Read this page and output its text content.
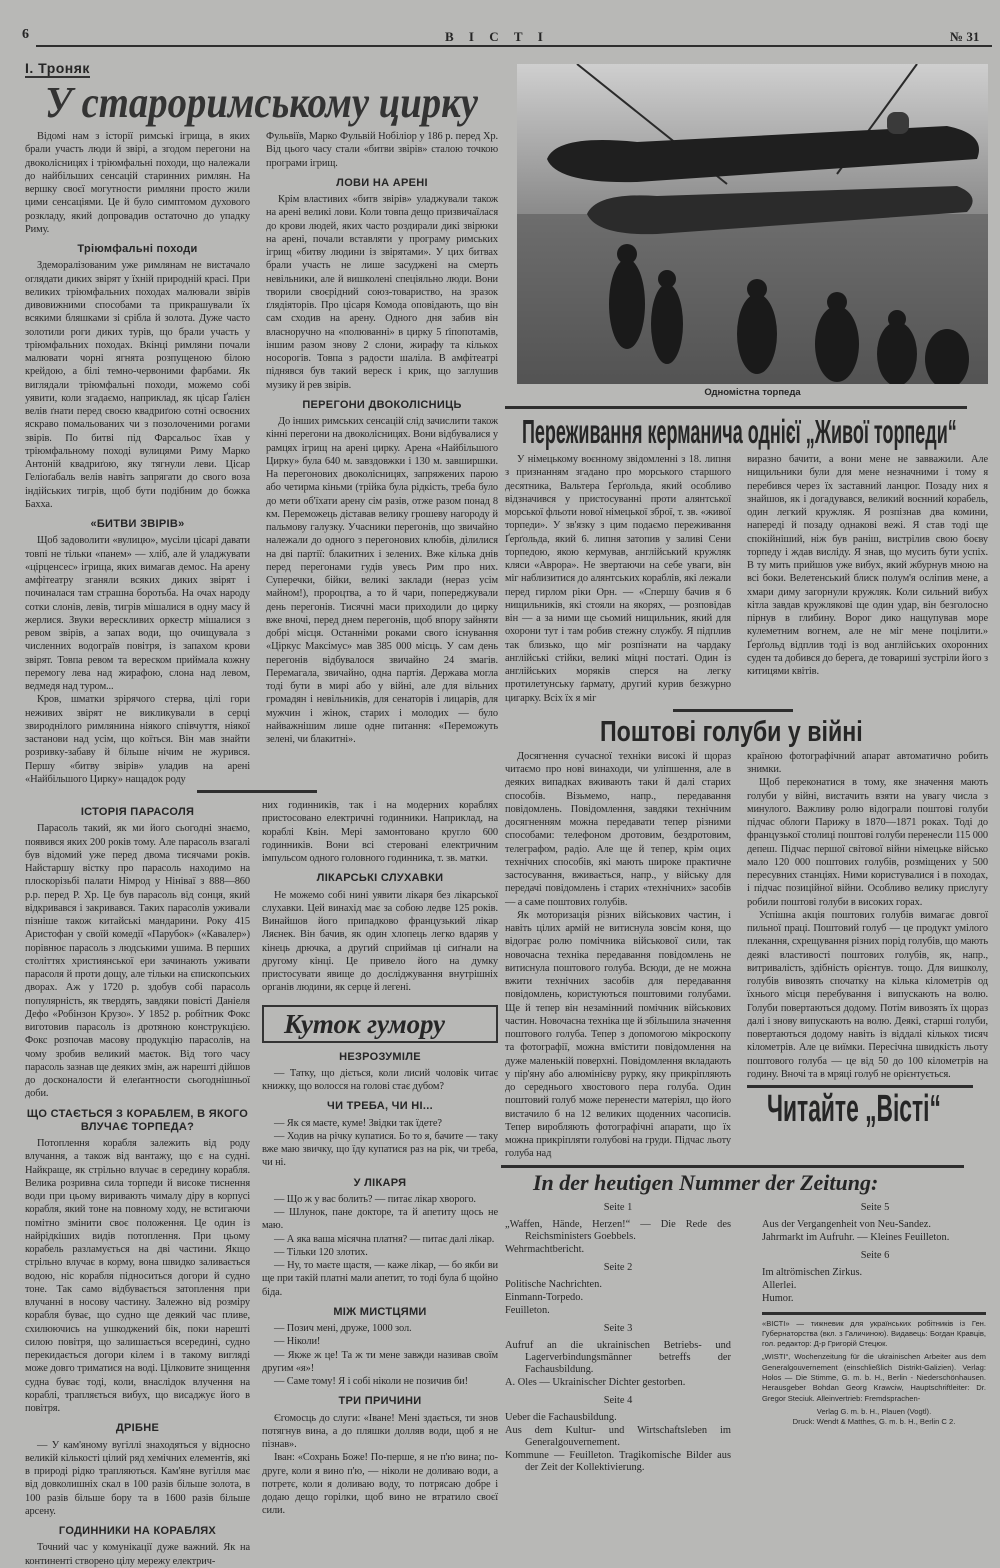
6	В І С Т І	№ 31
І. Троняк
У староримському цирку

Відомі нам з історії римські ігрища, в яких брали участь люди й звірі, а згодом перегони на двоколісницях і тріюмфальні походи, що належали до найбільших сенсацій старинних римлян. На вершку своєї могутности римляни просто жили цими сенсаціями. Це й було симптомом духового розкладу, який допровадив остаточно до упадку Риму.

Тріюмфальні походи

Здеморалізованим уже римлянам не вистачало оглядати диких звірят у їхній природній красі. При великих тріюмфальних походах малювали звірів дивовижними способами та прикрашували їх всякими бляшками зі срібла й золота. Дуже часто золотили роги диких турів, що брали участь у тріюмфальних походах. Вкінці римляни почали малювати чорні ягнята розпущеною білою крейдою, а білі темно-червоними фарбами. Як виглядали тріюмфальні походи, можемо собі уявити, коли згадаємо, наприклад, як цісар Ґалієн велів ґнати перед своєю квадриґою сотні освоєних яскраво помальованих чи з позолоченими рогами звірів. По битві під Фарсальос їхав у тріюмфальному поході вулицями Риму Марко Антоній квадриґою, яку тягнули леви. Цісар Геліоґабаль велів навіть запрягати до свого воза індійських тигрів, щоб бути подібним до божка Бахха.

«БИТВИ ЗВІРІВ»

Щоб задоволити «вулицю», мусіли цісарі давати товпі не тільки «панем» — хліб, але й уладжувати «цірценсес» ігрища, яких вимагав демос. На арену амфітеатру зганяли всяких диких звірят і починалася там страшна боротьба. На очах народу сотки слонів, левів, тигрів мішалися в одну масу й жерлися. Звуки верескливих оркестр мішалися з ревом звірів, а запах води, що очищувала з численних водограїв повітря, із запахом крови звірят. Товпа ревом та вереском приймала кожну перемогу лева над жирафою, слона над левом, ведмедя над туром...

Кров, шматки зрірячого стерва, цілі гори неживих звірят не викликували в серці звироднілого римлянина ніякого співчуття, ніякої застанови над усім, що коїться. Він мав знайти розривку-забаву й більше нічим не журився. Першу «битву звірів» уладив на арені «Найбільшого Цирку» нащадок роду

Фульвіїв, Марко Фульвій Нобіліор у 186 р. перед Хр. Від цього часу стали «битви звірів» сталою точкою програми ігрищ.

ЛОВИ НА АРЕНІ

Крім властивих «битв звірів» уладжували також на арені великі лови. Коли товпа дещо призвичаїлася до крови людей, яких часто роздирали дикі звірюки на арені, почали вставляти у програму римських ігрищ «битву людини із звірятами». У цих битвах брали участь не лише засуджені на смерть невільники, але й вишколені спеціяльно люди. Вони творили своєрідний союз-товариство, на зразок ґлядіяторів. Про цісаря Комода оповідають, що він сам сходив на арену. Одного дня забив він власноручно на «полюванні» в цирку 5 ґіпопотамів, іншим разом знову 2 слони, жирафу та кількох носорогів. Товпа з радости шаліла. В амфітеатрі піднявся був такий вереск і крик, що заглушив музику й рев звірів.

ПЕРЕГОНИ ДВОКОЛІСНИЦЬ

До інших римських сенсацій слід зачислити також кінні перегони на двоколісницях. Вони відбувалися у рамцях ігрищ на арені цирку. Арена «Найбільшого Цирку» була 640 м. завздовжки і 130 м. завширшки. На перегонових двоколісницях, запряжених парою або четирма кіньми (трійка була рідкість, треба було до мети об'їхати арену сім разів, отже разом понад 8 км. Переможець діставав велику грошеву нагороду й пальмову галузку. Учасники перегонів, що звичайно належали до одного з перегонових клюбів, ділилися на дві партії: блакитних і зелених. Вже кілька днів перед перегонами гудів увесь Рим про них. Суперечки, бійки, великі заклади (нераз усім майном!), пророцтва, а то й чари, попереджували день перегонів. Тисячні маси приходили до цирку вже вночі, перед днем перегонів, щоб впору зайняти добрі місця. Останніми роками свого існування «Ціркус Максімус» мав 385 000 місць. У сам день перегонів відбувалося звичайно 24 змагів. Перемагала, звичайно, одна партія. Держава могла тоді бути в мирі або у війні, але для вільних громадян і невільників, для сенаторів і лицарів, для мужчин і жінок, старих і молодих — було найважнішим лише одне питання: «Переможуть зелені, чи блакитні».

ІСТОРІЯ ПАРАСОЛЯ

Парасоль такий, як ми його сьогодні знаємо, появився яких 200 років тому. Але парасоль взагалі був відомий уже перед двома тисячами років. Найстаршу вістку про парасоль находимо на плоскорізьбі палати Німрод у Нініваї з 888—860 р.р. перед Р. Хр. Це був парасоль від сонця, який відкривався і закривався. Таких парасолів уживали пізніше також китайські мандарини. Року 415 Аристофан у своїй комедії «Парубок» («Кавалер») порівнює парасоль з людськими ушима. В перших століттях християнської ери зачинають уживати парасоля й проти дощу, але тільки на єпископських дворах. Аж у 1720 р. здобув собі парасоль популярність, як твердять, завдяки повісті Даніеля Дефо «Робінзон Крузо». У 1852 р. робітник Фокс виготовив парасоль із дротяною конструкцією. Фокс розпочав масову продукцію парасолів, на чому зробив великий маєток. Від того часу парасоль зазнав ще деяких змін, аж нарешті дійшов до досконалости й елеґантности сьогоднішньої доби.

ЩО СТАЄТЬСЯ З КОРАБЛЕМ, В ЯКОГО ВЛУЧАЄ ТОРПЕДА?

Потоплення корабля залежить від роду влучання, а також від вантажу, що є на судні. Найкраще, як стрільно влучає в середину корабля. Велика розривна сила торпеди й високе тиснення води при цьому виривають чималу діру в корпусі корабля, який тоне на повному ходу, не встигаючи помітно змінити своє положення. Це один із найрідкіших видів потоплення. При цьому корабель разламується на дві частини. Якщо стрільно влучає в корму, вона швидко заливається водою, ніс корабля підноситься догори й судно тоне. Так само відбувається затоплення при влучанні в носову частину. Залежно від розміру корабля буває, що судно ще деякий час пливе, схилюючись на ушкоджений бік, поки нарешті силою повітря, що залишається всередині, судно перекидається догори кілем і в такому вигляді може довго триматися на воді. Цілковите знищення судна буває тоді, коли, внаслідок влучення на кораблі, трапляється вибух, що висаджує його в повітря.

ДРІБНЕ

— У кам'яному вугіллі знаходяться у відносно великій кількості цілий ряд хемічних елементів, які в природі рідко трапляються. Кам'яне вугілля має від довколишніх скал в 100 разів більше золота, в 100 разів більше бору та в 1600 разів більше арсену.

ГОДИННИКИ НА КОРАБЛЯХ

Точний час у комунікації дуже важний. Як на континенті створено цілу мережу електрич-

них годинників, так і на модерних кораблях пристосовано електричні годинники. Наприклад, на кораблі Квін. Мері замонтовано кругло 600 годинників. Вони всі стеровані електричним імпульсом одного головного годинника, т. зв. матки.

ЛІКАРСЬКІ СЛУХАВКИ

Не можемо собі нині уявити лікаря без лікарської слухавки. Цей винахід має за собою ледве 125 років. Винайшов його припадково французький лікар Ляєнек. Він бачив, як один хлопець легко вдаряв у кінець дрючка, а другий сприймав ці сиґнали на другому кінці. Це привело його на думку пристосувати явище до досліджування внутрішніх органів людини, як серце й легені.

Куток гумору
НЕЗРОЗУМІЛЕ

— Татку, що діється, коли лисий чоловік читає книжку, що волосся на голові стає дубом?

ЧИ ТРЕБА, ЧИ НІ...

— Як ся маєте, куме! Звідки так їдете?

— Ходив на річку купатися. Бо то я, бачите — таку вже маю звичку, що їду купатися раз на рік, чи треба, чи ні.

У ЛІКАРЯ

— Що ж у вас болить? — питає лікар хворого.

— Шлунок, пане докторе, та й апетиту щось не маю.

— А яка ваша місячна платня? — питає далі лікар.

— Тільки 120 злотих.

— Ну, то маєте щастя, — каже лікар, — бо якби ви ще при такій платні мали апетит, то тоді була б щойно біда.

МІЖ МИСТЦЯМИ

— Позич мені, друже, 1000 зол.

— Ніколи!

— Якже ж це! Та ж ти мене завжди називав своїм другим «я»!

— Саме тому! Я і собі ніколи не позичив би!

ТРИ ПРИЧИНИ

Єгомосць до слуги: «Іване! Мені здається, ти знов потягнув вина, а до пляшки долляв води, щоб я не пізнав».

Іван: «Сохрань Боже! По-перше, я не п'ю вина; по-друге, коли я вино п'ю, — ніколи не доливаю води, а потретє, коли я доливаю воду, то потрясаю добре і додаю дещо горілки, щоб вино не втратило своєї сили.

Одномістна торпеда
Переживання керманича однієї „Живої торпеди“

У німецькому воєнному звідомленні з 18. липня з признанням згадано про морського старшого десятника, Вальтера Ґерґольда, який особливо відзначився у пристосуванні проти алянтської морської фльоти нової німецької зброї, т. зв. «живої торпеди». У зв'язку з цим подаємо переживання Ґерґольда, який 6. липня затопив у заливі Сени торпедою, якою кермував, англійський кружляк кляси «Аврора». Не звертаючи на себе уваги, він міг наблизитися до алянтських кораблів, які лежали перед гирлом ріки Орн. — «Спершу бачив я 6 нищильників, які стояли на якорях, — розповідав він — а за ними ще сьомий нищильник, який для охорони тут і там робив стежну службу. Я підплив так близько, що міг розпізнати на чардаку англійські стійки, великі міцні постаті. Один із англійських моряків сперся на легку протилетунську ґармату, другий курив безжурно цигарку. Всіх їх я міг

виразно бачити, а вони мене не завважили. Але нищильники були для мене незначними і тому я перебився через їх заставний ланцюг. Позаду них я знайшов, як і догадувався, великий воєнний корабель, один легкий кружляк. Я розпізнав два комини, напереді й позаду однакові вежі. Я став тоді ще спокійніший, ніж був раніш, вистрілив свою боєву торпеду і ждав висліду. Я знав, що мусить бути успіх. В ту мить прийшов уже вибух, який жбурнув мною на всі боки. Велетенський блиск полум'я осліпив мене, а хмари диму загорнули кружляк. Коли сильний вибух кітла завдав кружлякові ще один удар, він безголосно пірнув в глибину. Ворог дико нащупував море кулеметним вогнем, але не міг мене поцілити.» Ґерґольд відплив тоді із вод англійських охоронних суден та добився до берега, де товариші зустріли його з китицями квітів.

Поштові голуби у війні

Досягнення сучасної техніки високі й щораз читаємо про нові винаходи, чи уліпшення, але в деяких випадках вживають таки й далі старих способів. Візьмемо, напр., передавання повідомлень. Повідомлення, завдяки технічним досягненням можна передавати тепер різними способами: телефоном дротовим, бездротовим, телеграфом, радіо. Але ще й тепер, крім оцих технічних способів, які мають широке практичне застосування, вживається, напр., у війську для передачі повідомлень і старих «технічних» засобів — а саме поштових голубів.

Як моторизація різних військових частин, і навіть цілих армій не витиснула зовсім коня, що відограє ролю помічника військової сили, так новочасна техніка передавання повідомлень не витиснула поштового голуба. Всюди, де не можна вжити технічних засобів для передавання повідомлень, користуються поштовими голубами. Ще й тепер він незамінний помічник військових частин. Новочасна техніка ще й збільшила значення поштового голуба. Тепер з допомогою мікроскопу та фотографії, можна вмістити повідомлення на дуже маленькій поверхні. Повідомлення вкладають у пір'яну або алюмінієву рурку, яку прикріпляють до середнього хвостового пера голуба. Один поштовий голуб може перенести матеріял, що його вистачило б на 12 великих щоденних часописів. Тепер виробляють фотографічні апарати, що їх можна прикріпляти голубові на груди. Підчас льоту голуба над

країною фотографічний апарат автоматично робить знимки.

Щоб переконатися в тому, яке значення мають голуби у війні, вистачить взяти на увагу числа з минулого. Важливу ролю відограли поштові голуби підчас облоги Парижу в 1870—1871 роках. Тоді до французької столиці поштові голуби перенесли 115 000 депеш. Підчас першої світової війни німецьке військо мало 120 000 поштових голубів, розміщених у 500 пересувних станціях. Ними користувалися і в походах, і підчас позиційної війни. Особливо велику прислугу робили поштові голуби в високих горах.

Успішна акція поштових голубів вимагає довгої пильної праці. Поштовий голуб — це продукт умілого плекання, схрещування різних порід голубів, що мають деякі властивості поштових голубів, як, напр., витривалість, здібність орієнтув. тощо. Для вишколу, голубів вивозять спочатку на кілька кілометрів од їхнього місця перебування і випускають на волю. Голуби повертаються додому. Потім вивозять їх щораз далі і знову випускають на волю. Деякі, старші голуби, повертаються додому навіть із віддалі кількох тисяч кілометрів. Але це виїмки. Пересічна швидкість льоту поштового голуба — це від 50 до 100 кілометрів на годину. Вночі та в мряці голуб не орієнтується.

Читайте „Вісті“
In der heutigen Nummer der Zeitung:
Seite 1
„Waffen, Hände, Herzen!“ — Die Rede des Reichsministers Goebbels.
Wehrmachtbericht.
Seite 2
Politische Nachrichten.
Einmann-Torpedo.
Feuilleton.
Seite 3
Aufruf an die ukrainischen Betriebs- und Lagerverbindungsmänner betreffs der Fachausbildung.
A. Oles — Ukrainischer Dichter gestorben.
Seite 4
Ueber die Fachausbildung.
Aus dem Kultur- und Wirtschaftsleben im Generalgouvernement.
Kommune — Feuilleton. Tragikomische Bilder aus der Zeit der Kollektivierung.
Seite 5
Aus der Vergangenheit von Neu-Sandez.
Jahrmarkt im Aufruhr. — Kleines Feuilleton.
Seite 6
Im altrömischen Zirkus.
Allerlei.
Humor.

«ВІСТІ» — тижневик для українських робітників із Ген. Губернаторства (вкл. з Галичиною). Видавець: Богдан Кравців, гол. редактор: Д-р Григорій Стецюк.

„WISTI“, Wochenzeitung für die ukrainischen Arbeiter aus dem Generalgouvernement (einschließlich Distrikt-Galizien). Verlag: Holos — Die Stimme, G. m. b. H., Berlin - Niederschönhausen. Herausgeber Bohdan Georg Krawciw, Hauptschriftleiter: Dr. Gregor Steciuk. Alleinvertrieb: Fremdsprachen-

Verlag G. m. b. H., Plauen (Vogtl).

Druck: Wendt & Matthes, G. m. b. H., Berlin C 2.
